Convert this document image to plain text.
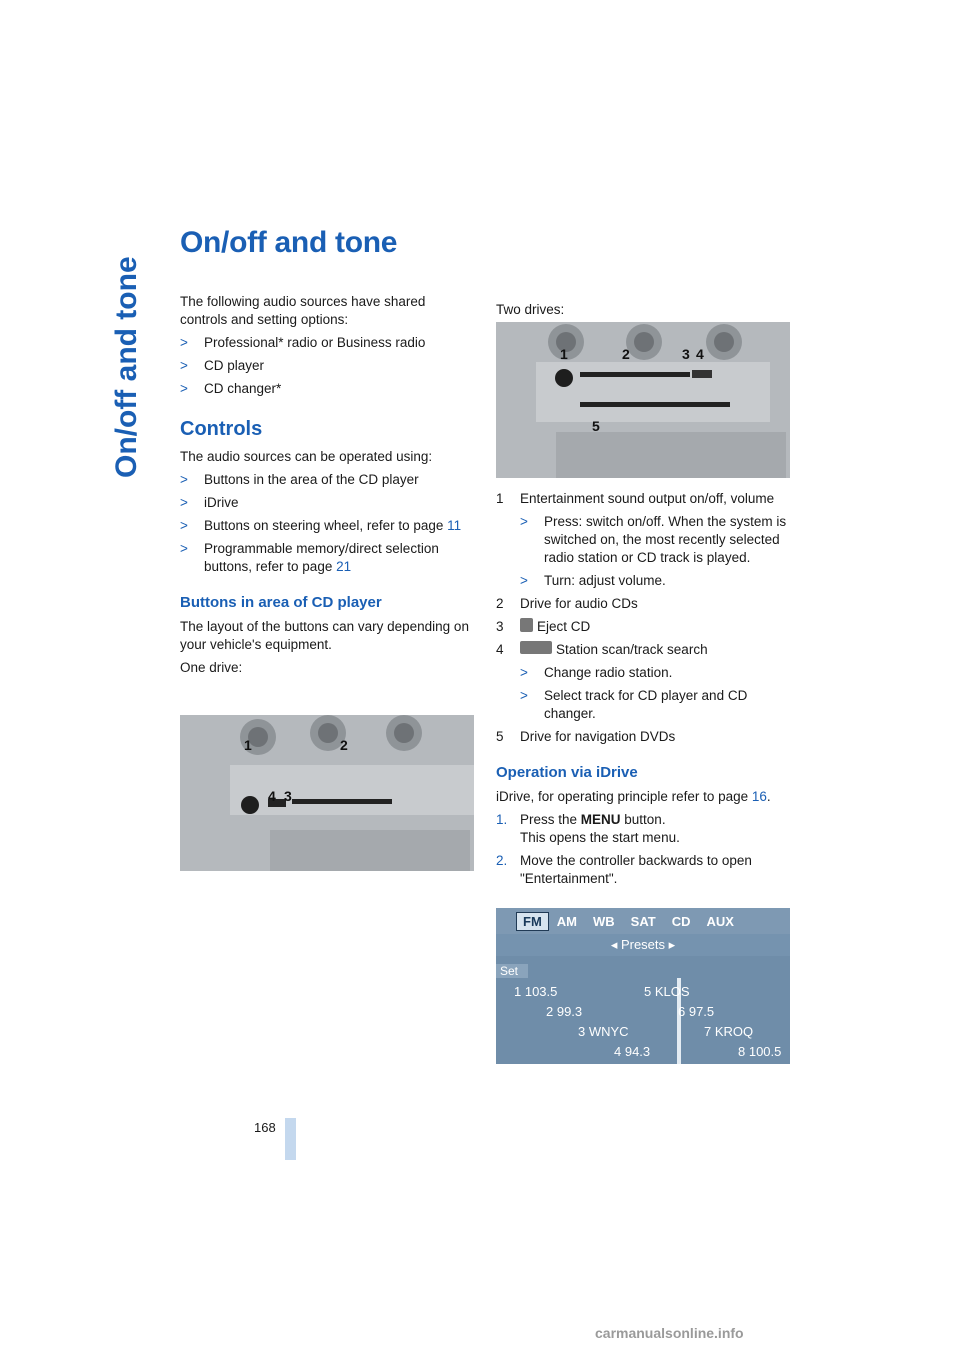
On/off and tone
On/off and tone

The following audio sources have shared controls and setting options:

>	Professional* radio or Business radio
>	CD player
>	CD changer*
Controls

The audio sources can be operated using:

>	Buttons in the area of the CD player
>	iDrive
>	Buttons on steering wheel, refer to page 11
>	Programmable memory/direct selection buttons, refer to page 21
Buttons in area of CD player

The layout of the buttons can vary depending on your vehicle's equipment.

One drive:

1	2
4 3

Two drives:

1	2	3 4
5
1	Entertainment sound output on/off, volume
>	Press: switch on/off. When the system is switched on, the most recently selected radio station or CD track is played.
>	Turn: adjust volume.
2	Drive for audio CDs
3	Eject CD
4	Station scan/track search
>	Change radio station.
>	Select track for CD player and CD changer.
5	Drive for navigation DVDs
Operation via iDrive

iDrive, for operating principle refer to page 16.

1. Press the MENU button.
This opens the start menu.
2. Move the controller backwards to open
"Entertainment".
FM	AM	WB	SAT	CD	AUX
◂ Presets ▸
Set
1 103.5	5 KLOS
2 99.3	6 97.5
3 WNYC	7 KROQ
4 94.3	8 100.5
168
carmanualsonline.info
